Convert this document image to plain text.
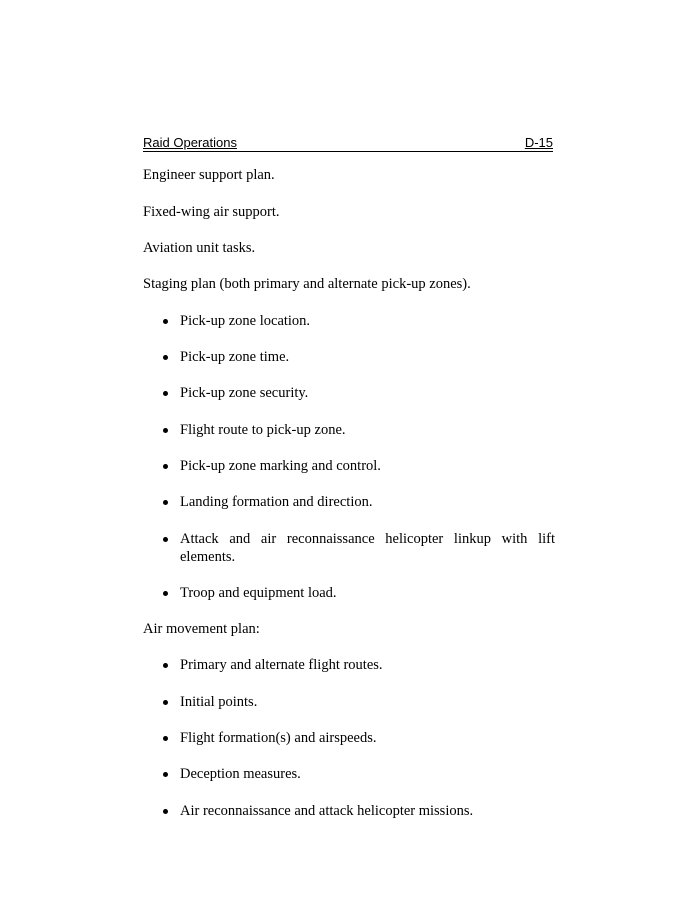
Raid Operations	D-15
Engineer support plan.
Fixed-wing air support.
Aviation unit tasks.
Staging plan (both primary and alternate pick-up zones).
Pick-up zone location.
Pick-up zone time.
Pick-up zone security.
Flight route to pick-up zone.
Pick-up zone marking and control.
Landing formation and direction.
Attack and air reconnaissance helicopter linkup with lift elements.
Troop and equipment load.
Air movement plan:
Primary and alternate flight routes.
Initial points.
Flight formation(s) and airspeeds.
Deception measures.
Air reconnaissance and attack helicopter missions.
